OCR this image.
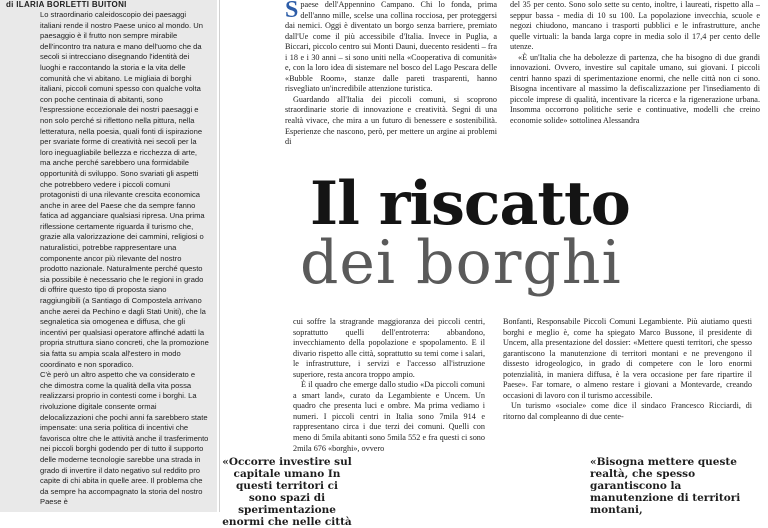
di ILARIA BORLETTI BUITONI

Lo straordinario caleidoscopio dei paesaggi italiani rende il nostro Paese unico al mondo. Un paesaggio è il frutto non sempre mirabile dell'incontro tra natura e mano dell'uomo che da secoli si intrecciano disegnando l'identità dei luoghi e raccontando la storia e la vita delle comunità che vi abitano. Le migliaia di borghi italiani, piccoli comuni spesso con qualche volta con poche centinaia di abitanti, sono l'espressione eccezionale dei nostri paesaggi e non solo perché si riflettono nella pittura, nella letteratura, nella poesia, quali fonti di ispirazione per svariate forme di creatività nei secoli per la loro ineguagliabile bellezza e ricchezza di arte, ma anche perché sarebbero una formidabile opportunità di sviluppo. Sono svariati gli aspetti che potrebbero vedere i piccoli comuni protagonisti di una rilevante crescita economica anche in aree del Paese che da sempre fanno fatica ad agganciare qualsiasi ripresa. Una prima riflessione certamente riguarda il turismo che, grazie alla valorizzazione dei cammini, religiosi o naturalistici, potrebbe rappresentare una componente ancor più rilevante del nostro prodotto nazionale. Naturalmente perché questo sia possibile è necessario che le regioni in grado di offrire questo tipo di proposta siano raggiungibili (a Santiago di Compostela arrivano anche aerei da Pechino e dagli Stati Uniti), che la segnaletica sia omogenea e diffusa, che gli incentivi per qualsiasi operatore affinché adatti la propria struttura siano concreti, che la promozione sia fatta su ampia scala all'estero in modo coordinato e non sporadico.

C'è però un altro aspetto che va considerato e che dimostra come la qualità della vita possa realizzarsi proprio in contesti come i borghi. La rivoluzione digitale consente ormai delocalizzazioni che pochi anni fa sarebbero state impensate: una seria politica di incentivi che favorisca oltre che le attività anche il trasferimento nei piccoli borghi godendo per di tutto il supporto delle moderne tecnologie sarebbe una strada in grado di invertire il dato negativo sul reddito pro capite di chi abita in quelle aree. Il problema che da sempre ha accompagnato la storia del nostro Paese è

Spaese dell'Appennino Campano. Chi lo fonda, prima dell'anno mille, scelse una collina rocciosa, per proteggersi dai nemici. Oggi è diventato un borgo senza barriere, premiato dall'Ue come il più accessibile d'Italia. Invece in Puglia, a Biccari, piccolo centro sui Monti Dauni, duecento residenti – fra i 18 e i 30 anni – si sono uniti nella «Cooperativa di comunità» e, con la loro idea di sistemare nel bosco del Lago Pescara delle «Bubble Room», stanze dalle pareti trasparenti, hanno risvegliato un'incredibile attenzione turistica.

Guardando all'Italia dei piccoli comuni, si scoprono straordinarie storie di innovazione e creatività. Segni di una realtà vivace, che mira a un futuro di benessere e sostenibilità. Esperienze che nascono, però, per mettere un argine ai problemi di

del 35 per cento. Sono solo sette su cento, inoltre, i laureati, rispetto alla – seppur bassa - media di 10 su 100. La popolazione invecchia, scuole e negozi chiudono, mancano i trasporti pubblici e le infrastrutture, anche quelle virtuali: la banda larga copre in media solo il 17,4 per cento delle utenze.

«È un'Italia che ha debolezze di partenza, che ha bisogno di due grandi innovazioni. Ovvero, investire sul capitale umano, sui giovani. I piccoli centri hanno spazi di sperimentazione enormi, che nelle città non ci sono. Bisogna incentivare al massimo la defiscalizzazione per l'insediamento di piccole imprese di qualità, incentivare la ricerca e la rigenerazione urbana. Insomma occorrono politiche serie e continuative, modelli che creino economie solide» sottolinea Alessandra

Il riscatto
dei borghi

cui soffre la stragrande maggioranza dei piccoli centri, soprattutto quelli dell'entroterra: abbandono, invecchiamento della popolazione e spopolamento. E il divario rispetto alle città, soprattutto su temi come i salari, le infrastrutture, i servizi e l'accesso all'istruzione superiore, resta ancora troppo ampio.

È il quadro che emerge dallo studio «Da piccoli comuni a smart land», curato da Legambiente e Uncem. Un quadro che presenta luci e ombre. Ma prima vediamo i numeri. I piccoli centri in Italia sono 7mila 914 e rappresentano circa i due terzi dei comuni. Quelli con meno di 5mila abitanti sono 5mila 552 e fra questi ci sono 2mila 676 «borghi», ovvero

Bonfanti, Responsabile Piccoli Comuni Legambiente. Più aiutiamo questi borghi e meglio è, come ha spiegato Marco Bussone, il presidente di Uncem, alla presentazione del dossier: «Mettere questi territori, che spesso garantiscono la manutenzione di territori montani e ne prevengono il dissesto idrogeologico, in grado di competere con le loro enormi potenzialità, in maniera diffusa, è la vera occasione per fare ripartire il Paese». Far tornare, o almeno restare i giovani a Montevarde, creando occasioni di lavoro con il turismo accessibile.

Un turismo «sociale» come dice il sindaco Francesco Ricciardi, di ritorno dal compleanno di due cente-

«Occorre investire sul capitale umano In questi territori ci sono spazi di sperimentazione enormi che nelle città
«Bisogna mettere queste realtà, che spesso garantiscono la manutenzione di territori montani,
